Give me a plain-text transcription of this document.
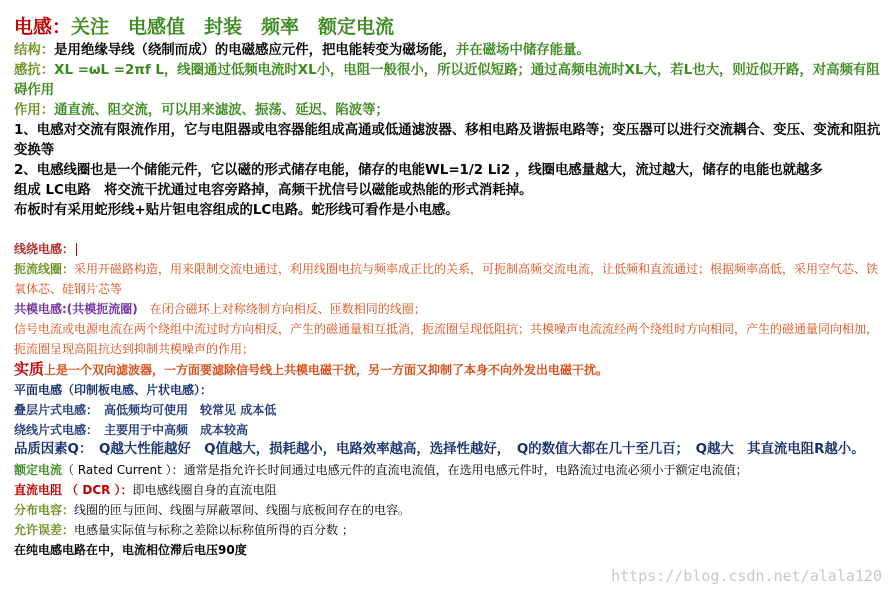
电感：关注　电感值　封装　频率　额定电流
结构：是用绝缘导线（绕制而成）的电磁感应元件，把电能转变为磁场能，并在磁场中储存能量。
感抗：XL =ωL =2πf L，线圈通过低频电流时XL小，电阻一般很小，所以近似短路；通过高频电流时XL大，若L也大，则近似开路，对高频有阻碍作用
作用：通直流、阻交流，可以用来滤波、振荡、延迟、陷波等；
1、电感对交流有限流作用，它与电阻器或电容器能组成高通或低通滤波器、移相电路及谐振电路等；变压器可以进行交流耦合、变压、变流和阻抗变换等
2、电感线圈也是一个储能元件，它以磁的形式储存电能，储存的电能WL=1/2 Li2 ，线圈电感量越大，流过越大，储存的电能也就越多
组成 LC电路　将交流干扰通过电容旁路掉，高频干扰信号以磁能或热能的形式消耗掉。
布板时有采用蛇形线+贴片钽电容组成的LC电路。蛇形线可看作是小电感。
线绕电感：
扼流线圈：采用开磁路构造，用来限制交流电通过，利用线圈电抗与频率成正比的关系，可扼制高频交流电流，让低频和直流通过；根据频率高低，采用空气芯、铁氧体芯、硅钢片芯等
共模电感:(共模扼流圈)　 在闭合磁环上对称绕制方向相反、匝数相同的线圈；
信号电流或电源电流在两个绕组中流过时方向相反，产生的磁通量相互抵消，扼流圈呈现低阻抗；共模噪声电流流经两个绕组时方向相同，产生的磁通量同向相加，扼流圈呈现高阻抗达到抑制共模噪声的作用；
实质上是一个双向滤波器，一方面要滤除信号线上共模电磁干扰，另一方面又抑制了本身不向外发出电磁干扰。
平面电感（印制板电感、片状电感）：
叠层片式电感：　 高低频均可使用　较常见 成本低
绕线片式电感：　 主要用于中高频　成本较高
品质因素Q：　 Q越大性能越好　Q值越大，损耗越小，电路效率越高，选择性越好，　 Q的数值大都在几十至几百；　Q越大　其直流电阻R越小。
额定电流（ Rated Current ）：通常是指允许长时间通过电感元件的直流电流值，在选用电感元件时，电路流过电流必须小于额定电流值；
直流电阻 （ DCR ）：即电感线圈自身的直流电阻
分布电容：线圈的匝与匝间、线圈与屏蔽罩间、线圈与底板间存在的电容。
允许误差：电感量实际值与标称之差除以标称值所得的百分数 ；
在纯电感电路在中，电流相位滞后电压90度
https://blog.csdn.net/alala120
